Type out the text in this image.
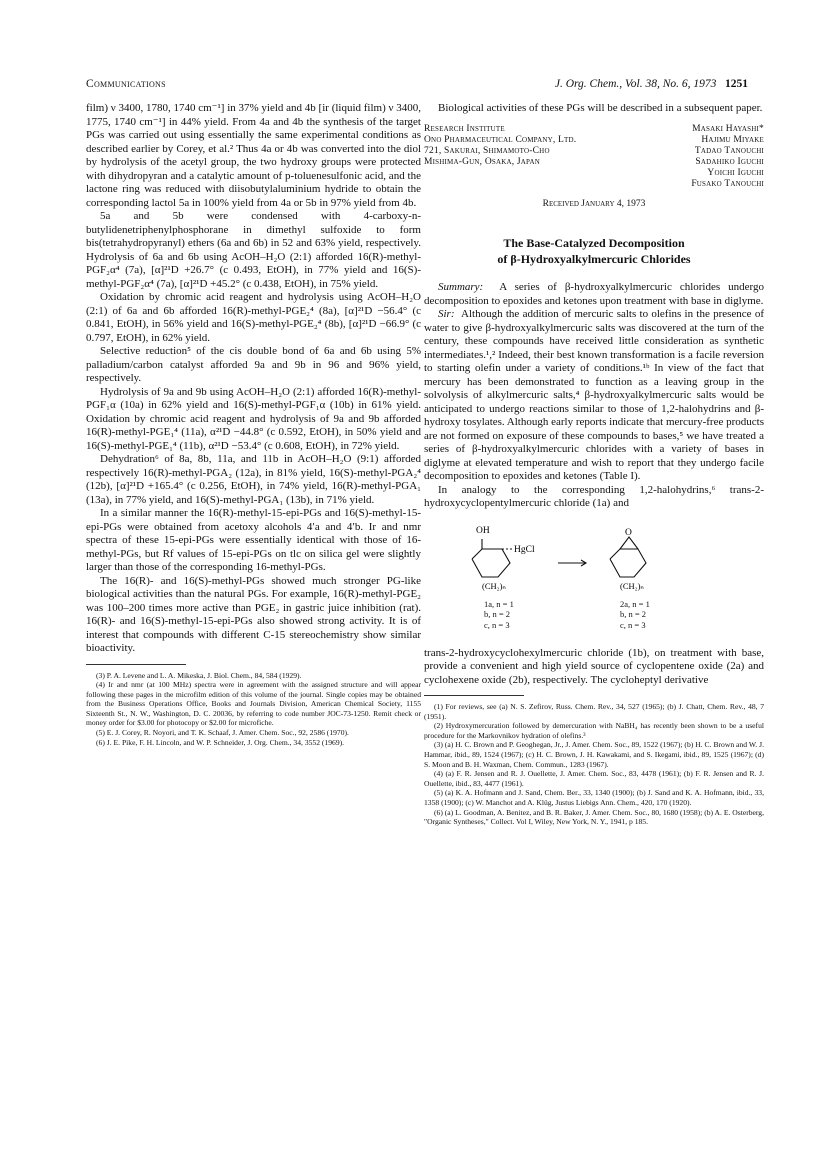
Communications	J. Org. Chem., Vol. 38, No. 6, 1973 1251

film) ν 3400, 1780, 1740 cm⁻¹] in 37% yield and 4b [ir (liquid film) ν 3400, 1775, 1740 cm⁻¹] in 44% yield. From 4a and 4b the synthesis of the target PGs was carried out using essentially the same experimental conditions as described earlier by Corey, et al.² Thus 4a or 4b was converted into the diol by hydrolysis of the acetyl group, the two hydroxy groups were protected with dihydropyran and a catalytic amount of p-toluenesulfonic acid, and the lactone ring was reduced with diisobutylaluminium hydride to obtain the corresponding lactol 5a in 100% yield from 4a or 5b in 97% yield from 4b.

5a and 5b were condensed with 4-carboxy-n-butylidenetriphenylphosphorane in dimethyl sulfoxide to form bis(tetrahydropyranyl) ethers (6a and 6b) in 52 and 63% yield, respectively. Hydrolysis of 6a and 6b using AcOH–H₂O (2:1) afforded 16(R)-methyl-PGF₂α⁴ (7a), [α]²¹D +26.7° (c 0.493, EtOH), in 77% yield and 16(S)-methyl-PGF₂α⁴ (7a), [α]²¹D +45.2° (c 0.438, EtOH), in 75% yield.

Oxidation by chromic acid reagent and hydrolysis using AcOH–H₂O (2:1) of 6a and 6b afforded 16(R)-methyl-PGE₂⁴ (8a), [α]²¹D −56.4° (c 0.841, EtOH), in 56% yield and 16(S)-methyl-PGE₂⁴ (8b), [α]²¹D −66.9° (c 0.797, EtOH), in 62% yield.

Selective reduction⁵ of the cis double bond of 6a and 6b using 5% palladium/carbon catalyst afforded 9a and 9b in 96 and 96% yield, respectively.

Hydrolysis of 9a and 9b using AcOH–H₂O (2:1) afforded 16(R)-methyl-PGF₁α (10a) in 62% yield and 16(S)-methyl-PGF₁α (10b) in 61% yield. Oxidation by chromic acid reagent and hydrolysis of 9a and 9b afforded 16(R)-methyl-PGE₁⁴ (11a), α²¹D −44.8° (c 0.592, EtOH), in 50% yield and 16(S)-methyl-PGE₁⁴ (11b), α²¹D −53.4° (c 0.608, EtOH), in 72% yield.

Dehydration⁶ of 8a, 8b, 11a, and 11b in AcOH–H₂O (9:1) afforded respectively 16(R)-methyl-PGA₂ (12a), in 81% yield, 16(S)-methyl-PGA₂⁴ (12b), [α]²¹D +165.4° (c 0.256, EtOH), in 74% yield, 16(R)-methyl-PGA₁ (13a), in 77% yield, and 16(S)-methyl-PGA₁ (13b), in 71% yield.

In a similar manner the 16(R)-methyl-15-epi-PGs and 16(S)-methyl-15-epi-PGs were obtained from acetoxy alcohols 4′a and 4′b. Ir and nmr spectra of these 15-epi-PGs were essentially identical with those of 16-methyl-PGs, but Rf values of 15-epi-PGs on tlc on silica gel were slightly larger than those of the corresponding 16-methyl-PGs.

The 16(R)- and 16(S)-methyl-PGs showed much stronger PG-like biological activities than the natural PGs. For example, 16(R)-methyl-PGE₂ was 100–200 times more active than PGE₂ in gastric juice inhibition (rat). 16(R)- and 16(S)-methyl-15-epi-PGs also showed strong activity. It is of interest that compounds with different C-15 stereochemistry show similar bioactivity.

(3) P. A. Levene and L. A. Mikeska, J. Biol. Chem., 84, 584 (1929).

(4) Ir and nmr (at 100 MHz) spectra were in agreement with the assigned structure and will appear following these pages in the microfilm edition of this volume of the journal. Single copies may be obtained from the Business Operations Office, Books and Journals Division, American Chemical Society, 1155 Sixteenth St., N. W., Washington, D. C. 20036, by referring to code number JOC-73-1250. Remit check or money order for $3.00 for photocopy or $2.00 for microfiche.

(5) E. J. Corey, R. Noyori, and T. K. Schaaf, J. Amer. Chem. Soc., 92, 2586 (1970).

(6) J. E. Pike, F. H. Lincoln, and W. P. Schneider, J. Org. Chem., 34, 3552 (1969).

Biological activities of these PGs will be described in a subsequent paper.

Research Institute
Ono Pharmaceutical Company, Ltd.
721, Sakurai, Shimamoto-Cho
Mishima-Gun, Osaka, Japan
Masaki Hayashi*
Hajimu Miyake
Tadao Tanouchi
Sadahiko Iguchi
Yoichi Iguchi
Fusako Tanouchi
Received January 4, 1973
The Base-Catalyzed Decomposition
of β-Hydroxyalkylmercuric Chlorides

Summary: A series of β-hydroxyalkylmercuric chlorides undergo decomposition to epoxides and ketones upon treatment with base in diglyme.

Sir: Although the addition of mercuric salts to olefins in the presence of water to give β-hydroxyalkylmercuric salts was discovered at the turn of the century, these compounds have received little consideration as synthetic intermediates.¹,² Indeed, their best known transformation is a facile reversion to starting olefin under a variety of conditions.¹ᵇ In view of the fact that mercury has been demonstrated to function as a leaving group in the solvolysis of alkylmercuric salts,⁴ β-hydroxyalkylmercuric salts would be anticipated to undergo reactions similar to those of 1,2-halohydrins and β-hydroxy tosylates. Although early reports indicate that mercury-free products are not formed on exposure of these compounds to bases,⁵ we have treated a series of β-hydroxyalkylmercuric chlorides with a variety of bases in diglyme at elevated temperature and wish to report that they undergo facile decomposition to epoxides and ketones (Table I).

In analogy to the corresponding 1,2-halohydrins,⁶ trans-2-hydroxycyclopentylmercuric chloride (1a) and

OH
HgCl
O
(CH₂)ₙ	(CH₂)ₙ
1a, n = 1
b, n = 2
c, n = 3
2a, n = 1
b, n = 2
c, n = 3

trans-2-hydroxycyclohexylmercuric chloride (1b), on treatment with base, provide a convenient and high yield source of cyclopentene oxide (2a) and cyclohexene oxide (2b), respectively. The cycloheptyl derivative

(1) For reviews, see (a) N. S. Zefirov, Russ. Chem. Rev., 34, 527 (1965); (b) J. Chatt, Chem. Rev., 48, 7 (1951).

(2) Hydroxymercuration followed by demercuration with NaBH₄ has recently been shown to be a useful procedure for the Markovnikov hydration of olefins.³

(3) (a) H. C. Brown and P. Geoghegan, Jr., J. Amer. Chem. Soc., 89, 1522 (1967); (b) H. C. Brown and W. J. Hammar, ibid., 89, 1524 (1967); (c) H. C. Brown, J. H. Kawakami, and S. Ikegami, ibid., 89, 1525 (1967); (d) S. Moon and B. H. Waxman, Chem. Commun., 1283 (1967).

(4) (a) F. R. Jensen and R. J. Ouellette, J. Amer. Chem. Soc., 83, 4478 (1961); (b) F. R. Jensen and R. J. Ouellette, ibid., 83, 4477 (1961).

(5) (a) K. A. Hofmann and J. Sand, Chem. Ber., 33, 1340 (1900); (b) J. Sand and K. A. Hofmann, ibid., 33, 1358 (1900); (c) W. Manchot and A. Klüg, Justus Liebigs Ann. Chem., 420, 170 (1920).

(6) (a) L. Goodman, A. Benitez, and B. R. Baker, J. Amer. Chem. Soc., 80, 1680 (1958); (b) A. E. Osterberg, "Organic Syntheses," Collect. Vol I, Wiley, New York, N. Y., 1941, p 185.
